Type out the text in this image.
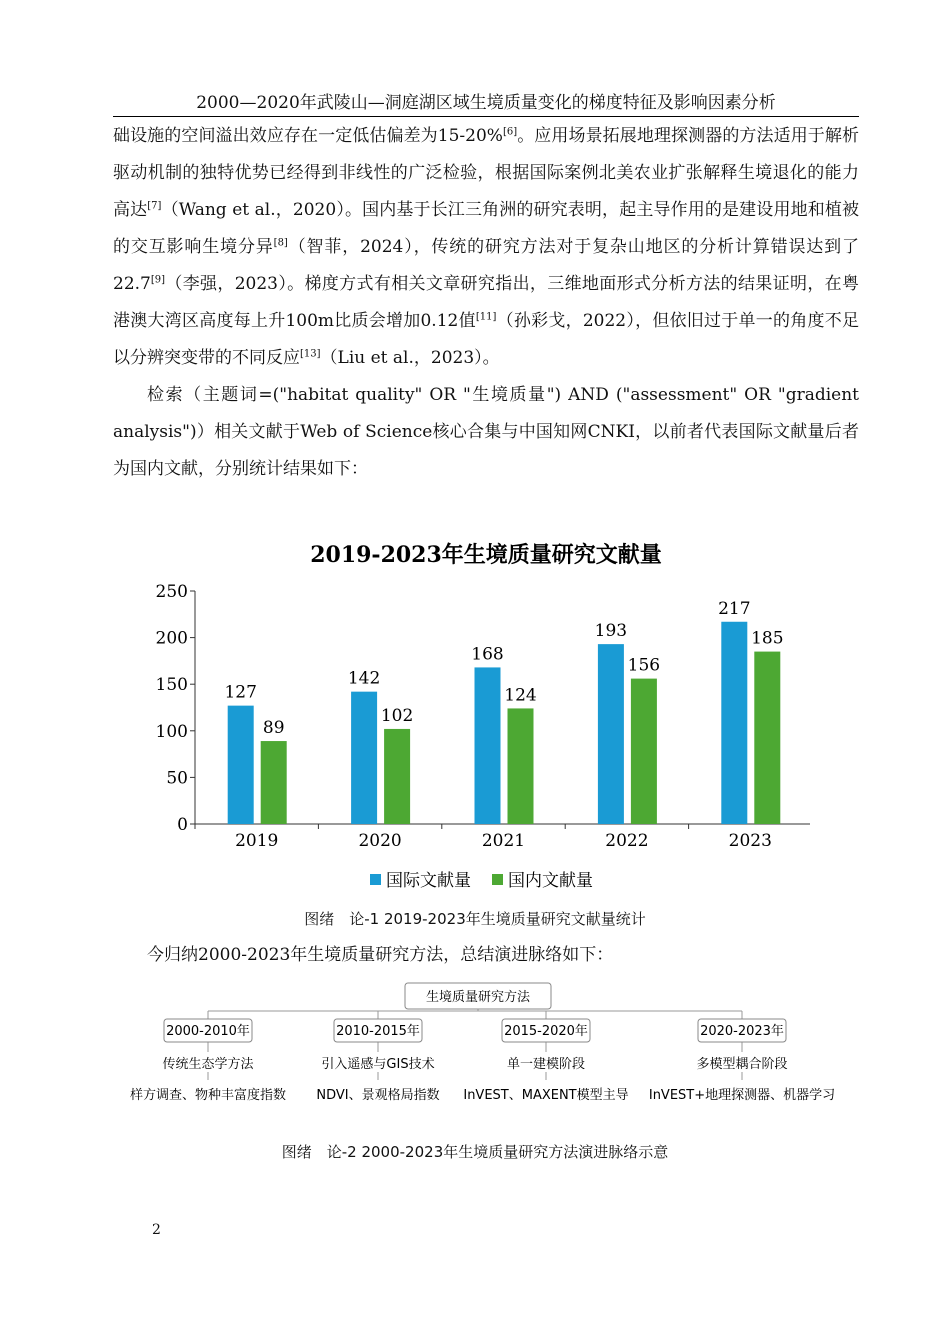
2000—2020年武陵山—洞庭湖区域生境质量变化的梯度特征及影响因素分析

础设施的空间溢出效应存在一定低估偏差为15-20%[6]。应用场景拓展地理探测器的方法适用于解析驱动机制的独特优势已经得到非线性的广泛检验，根据国际案例北美农业扩张解释生境退化的能力高达[7]（Wang et al.，2020）。国内基于长江三角洲的研究表明，起主导作用的是建设用地和植被的交互影响生境分异[8]（智菲，2024），传统的研究方法对于复杂山地区的分析计算错误达到了22.7[9]（李强，2023）。梯度方式有相关文章研究指出，三维地面形式分析方法的结果证明，在粤港澳大湾区高度每上升100m比质会增加0.12值[11]（孙彩戈，2022），但依旧过于单一的角度不足以分辨突变带的不同反应[13]（Liu et al.，2023）。

检索（主题词=("habitat quality" OR "生境质量") AND ("assessment" OR "gradient analysis")）相关文献于Web of Science核心合集与中国知网CNKI，以前者代表国际文献量后者为国内文献，分别统计结果如下：

2019-2023年生境质量研究文献量
0
50
100
150
200
250
2019	2020	2021	2022	2023
127
89
142
102
168
124
193
156
217
185
国际文献量 国内文献量
图绪　论-1 2019-2023年生境质量研究文献量统计
今归纳2000-2023年生境质量研究方法，总结演进脉络如下：
生境质量研究方法
2000-2010年
传统生态学方法
样方调查、物种丰富度指数
2010-2015年
引入遥感与GIS技术
NDVI、景观格局指数
2015-2020年
单一建模阶段
InVEST、MAXENT模型主导
2020-2023年
多模型耦合阶段
InVEST+地理探测器、机器学习
图绪　论-2 2000-2023年生境质量研究方法演进脉络示意
2
